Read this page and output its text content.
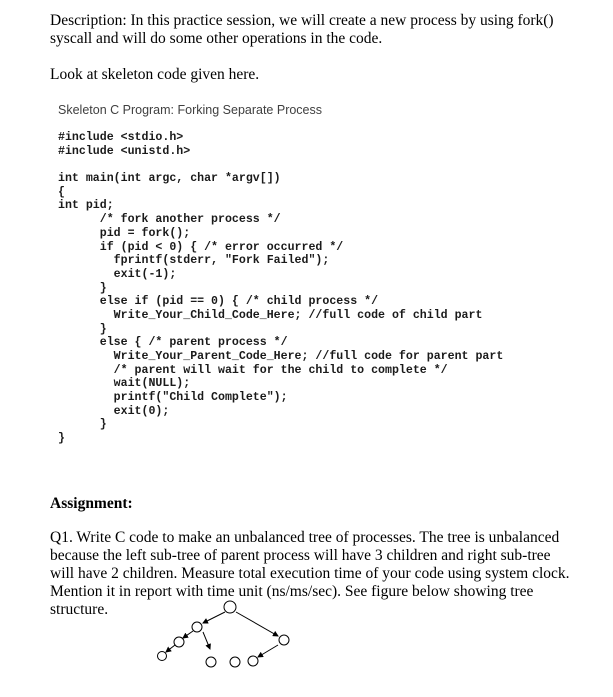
Description: In this practice session, we will create a new process by using fork() syscall and will do some other operations in the code.
Look at skeleton code given here.
Skeleton C Program: Forking Separate Process
#include <stdio.h>
#include <unistd.h>
int main(int argc, char *argv[])
{
int pid;
/* fork another process */
pid = fork();
if (pid < 0) { /* error occurred */
fprintf(stderr, "Fork Failed");
exit(-1);
}
else if (pid == 0) { /* child process */
Write_Your_Child_Code_Here; //full code of child part
}
else { /* parent process */
Write_Your_Parent_Code_Here; //full code for parent part
/* parent will wait for the child to complete */
wait(NULL);
printf("Child Complete");
exit(0);
}
}
Assignment:
Q1. Write C code to make an unbalanced tree of processes. The tree is unbalanced because the left sub-tree of parent process will have 3 children and right sub-tree will have 2 children. Measure total execution time of your code using system clock. Mention it in report with time unit (ns/ms/sec). See figure below showing tree structure.
